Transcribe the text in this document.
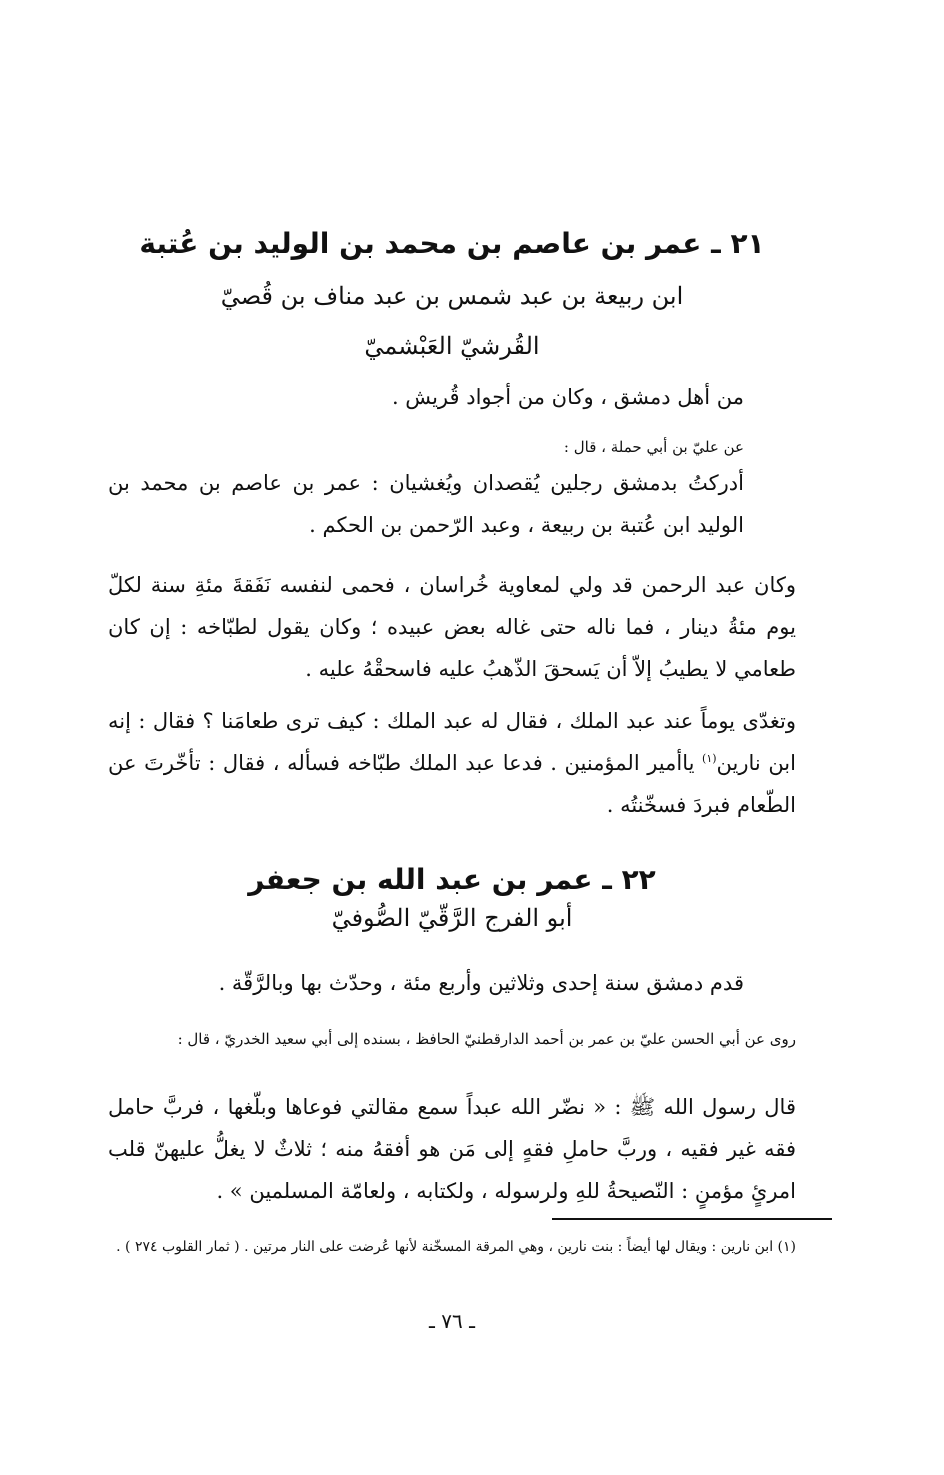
٢١ ـ عمر بن عاصم بن محمد بن الوليد بن عُتبة
ابن ربيعة بن عبد شمس بن عبد مناف بن قُصيّ
القُرشيّ العَبْشميّ
من أهل دمشق ، وكان من أجواد قُريش .
عن عليّ بن أبي حملة ، قال :
أدركتُ بدمشق رجلين يُقصدان ويُغشيان : عمر بن عاصم بن محمد بن الوليد ابن عُتبة بن ربيعة ، وعبد الرّحمن بن الحكم .
وكان عبد الرحمن قد ولي لمعاوية خُراسان ، فحمى لنفسه نَفَقةَ مئةِ سنة لكلّ يوم مئةُ دينار ، فما ناله حتى غاله بعض عبيده ؛ وكان يقول لطبّاخه : إن كان طعامي لا يطيبُ إلاّ أن يَسحقَ الذّهبُ عليه فاسحقْهُ عليه .
وتغدّى يوماً عند عبد الملك ، فقال له عبد الملك : كيف ترى طعامَنا ؟ فقال : إنه ابن نارين$^{(١)}$ ياأمير المؤمنين . فدعا عبد الملك طبّاخه فسأله ، فقال : تأخّرتَ عن الطّعام فبردَ فسخّنتُه .
٢٢ ـ عمر بن عبد الله بن جعفر
أبو الفرج الرَّقّيّ الصُّوفيّ
قدم دمشق سنة إحدى وثلاثين وأربع مئة ، وحدّث بها وبالرَّقّة .
روى عن أبي الحسن عليّ بن عمر بن أحمد الدارقطنيّ الحافظ ، بسنده إلى أبي سعيد الخدريّ ، قال :
قال رسول الله ﷺ : « نضّر الله عبداً سمع مقالتي فوعاها وبلّغها ، فربَّ حامل فقه غير فقيه ، وربَّ حاملِ فقهٍ إلى مَن هو أفقهُ منه ؛ ثلاثٌ لا يغلُّ عليهنّ قلب امرئٍ مؤمنٍ : النّصيحةُ للهِ ولرسوله ، ولكتابه ، ولعامّة المسلمين » .
(١) ابن نارين : ويقال لها أيضاً : بنت نارين ، وهي المرقة المسخّنة لأنها عُرضت على النار مرتين . ( ثمار القلوب ٢٧٤ ) .
ـ ٧٦ ـ
